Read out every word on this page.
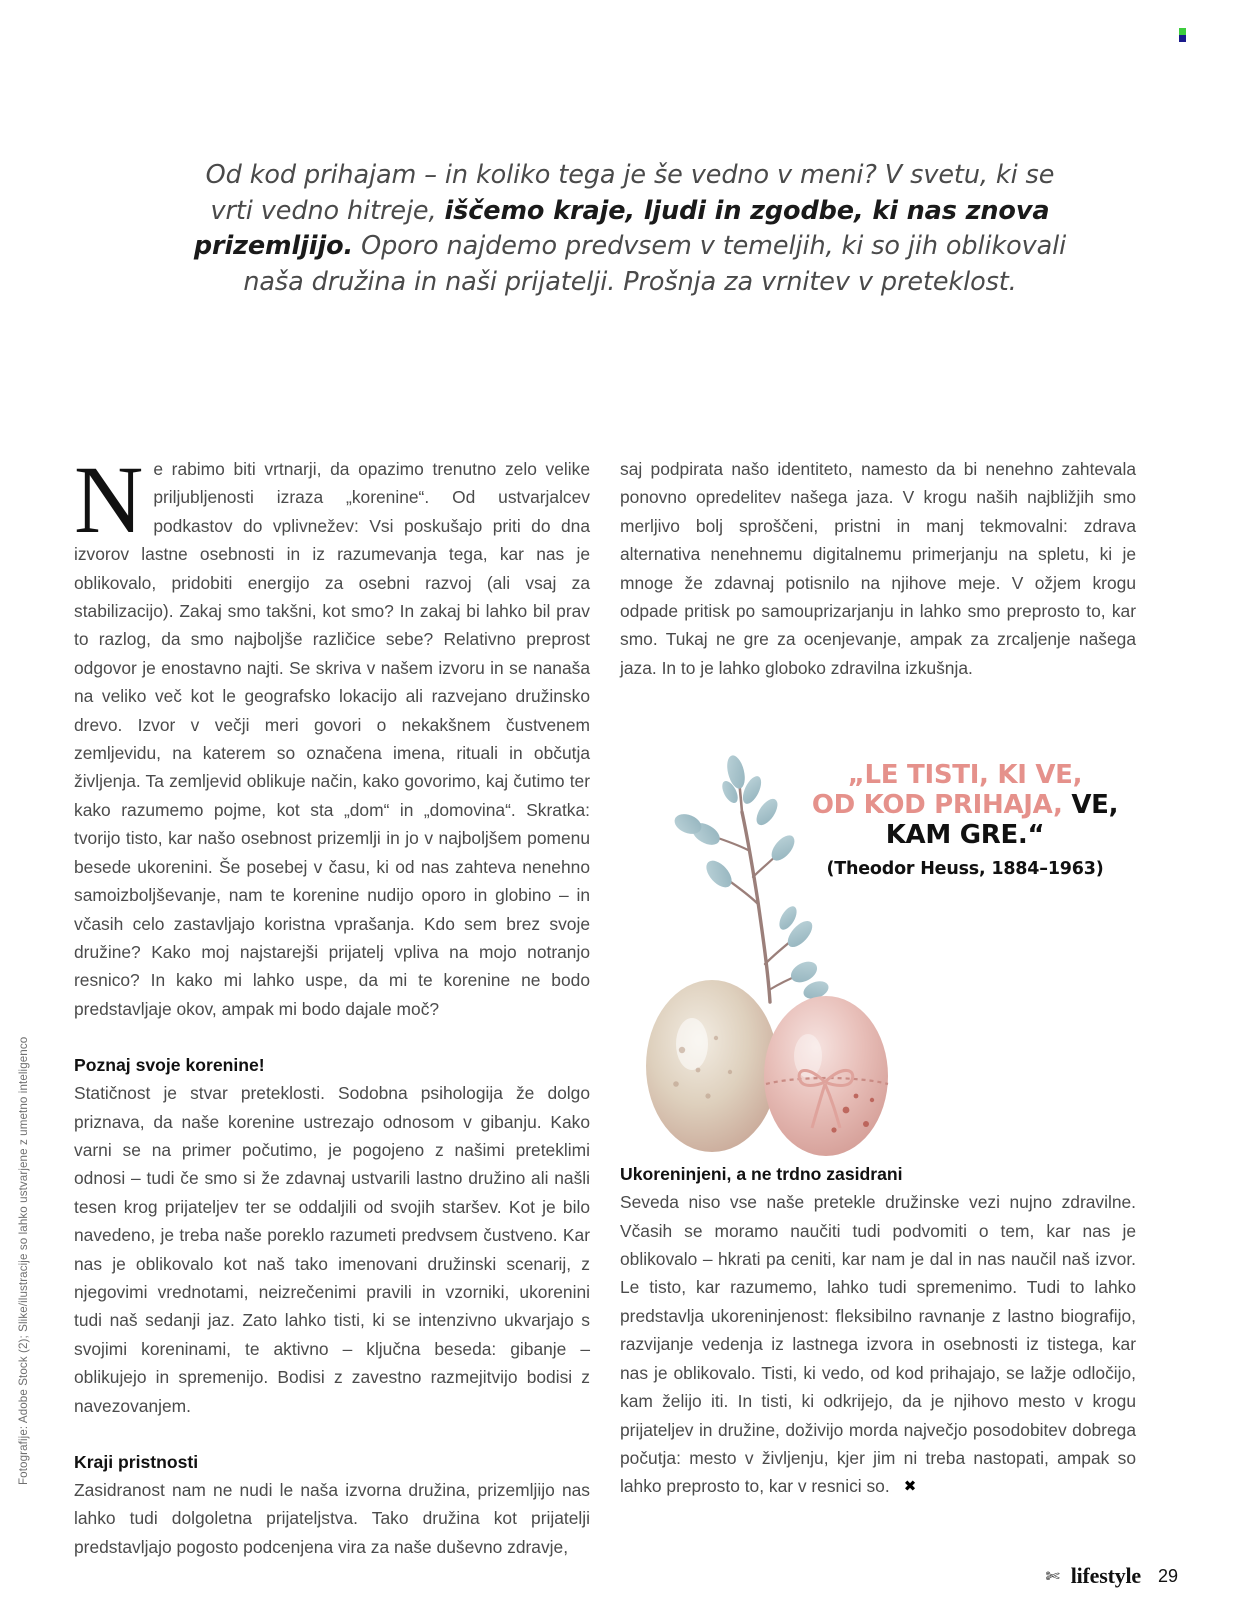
Od kod prihajam – in koliko tega je še vedno v meni? V svetu, ki se vrti vedno hitreje, iščemo kraje, ljudi in zgodbe, ki nas znova prizemljijo. Oporo najdemo predvsem v temeljih, ki so jih oblikovali naša družina in naši prijatelji. Prošnja za vrnitev v preteklost.

Ne rabimo biti vrtnarji, da opazimo trenutno zelo velike priljubljenosti izraza „korenine“. Od ustvarjalcev podkastov do vplivnežev: Vsi poskušajo priti do dna izvorov lastne osebnosti in iz razumevanja tega, kar nas je oblikovalo, pridobiti energijo za osebni razvoj (ali vsaj za stabilizacijo). Zakaj smo takšni, kot smo? In zakaj bi lahko bil prav to razlog, da smo najboljše različice sebe? Relativno preprost odgovor je enostavno najti. Se skriva v našem izvoru in se nanaša na veliko več kot le geografsko lokacijo ali razvejano družinsko drevo. Izvor v večji meri govori o nekakšnem čustvenem zemljevidu, na katerem so označena imena, rituali in občutja življenja. Ta zemljevid oblikuje način, kako govorimo, kaj čutimo ter kako razumemo pojme, kot sta „dom“ in „domovina“. Skratka: tvorijo tisto, kar našo osebnost prizemlji in jo v najboljšem pomenu besede ukorenini. Še posebej v času, ki od nas zahteva nenehno samoizboljševanje, nam te korenine nudijo oporo in globino – in včasih celo zastavljajo koristna vprašanja. Kdo sem brez svoje družine? Kako moj najstarejši prijatelj vpliva na mojo notranjo resnico? In kako mi lahko uspe, da mi te korenine ne bodo predstavljaje okov, ampak mi bodo dajale moč?

Poznaj svoje korenine!

Statičnost je stvar preteklosti. Sodobna psihologija že dolgo priznava, da naše korenine ustrezajo odnosom v gibanju. Kako varni se na primer počutimo, je pogojeno z našimi preteklimi odnosi – tudi če smo si že zdavnaj ustvarili lastno družino ali našli tesen krog prijateljev ter se oddaljili od svojih staršev. Kot je bilo navedeno, je treba naše poreklo razumeti predvsem čustveno. Kar nas je oblikovalo kot naš tako imenovani družinski scenarij, z njegovimi vrednotami, neizrečenimi pravili in vzorniki, ukorenini tudi naš sedanji jaz. Zato lahko tisti, ki se intenzivno ukvarjajo s svojimi koreninami, te aktivno – ključna beseda: gibanje – oblikujejo in spremenijo. Bodisi z zavestno razmejitvijo bodisi z navezovanjem.

Kraji pristnosti

Zasidranost nam ne nudi le naša izvorna družina, prizemljijo nas lahko tudi dolgoletna prijateljstva. Tako družina kot prijatelji predstavljajo pogosto podcenjena vira za naše duševno zdravje,

saj podpirata našo identiteto, namesto da bi nenehno zahtevala ponovno opredelitev našega jaza. V krogu naših najbližjih smo merljivo bolj sproščeni, pristni in manj tekmovalni: zdrava alternativa nenehnemu digitalnemu primerjanju na spletu, ki je mnoge že zdavnaj potisnilo na njihove meje. V ožjem krogu odpade pritisk po samouprizarjanju in lahko smo preprosto to, kar smo. Tukaj ne gre za ocenjevanje, ampak za zrcaljenje našega jaza. In to je lahko globoko zdravilna izkušnja.

Ukoreninjeni, a ne trdno zasidrani

Seveda niso vse naše pretekle družinske vezi nujno zdravilne. Včasih se moramo naučiti tudi podvomiti o tem, kar nas je oblikovalo – hkrati pa ceniti, kar nam je dal in nas naučil naš izvor. Le tisto, kar razumemo, lahko tudi spremenimo. Tudi to lahko predstavlja ukoreninjenost: fleksibilno ravnanje z lastno biografijo, razvijanje vedenja iz lastnega izvora in osebnosti iz tistega, kar nas je oblikovalo. Tisti, ki vedo, od kod prihajajo, se lažje odločijo, kam želijo iti. In tisti, ki odkrijejo, da je njihovo mesto v krogu prijateljev in družine, doživijo morda največjo posodobitev dobrega počutja: mesto v življenju, kjer jim ni treba nastopati, ampak so lahko preprosto to, kar v resnici so. ✖

„LE TISTI, KI VE,
OD KOD PRIHAJA, VE,
KAM GRE.“
(Theodor Heuss, 1884–1963)
Fotografije: Adobe Stock (2); Slike/ilustracije so lahko ustvarjene z umetno inteligenco
✄ lifestyle 29
